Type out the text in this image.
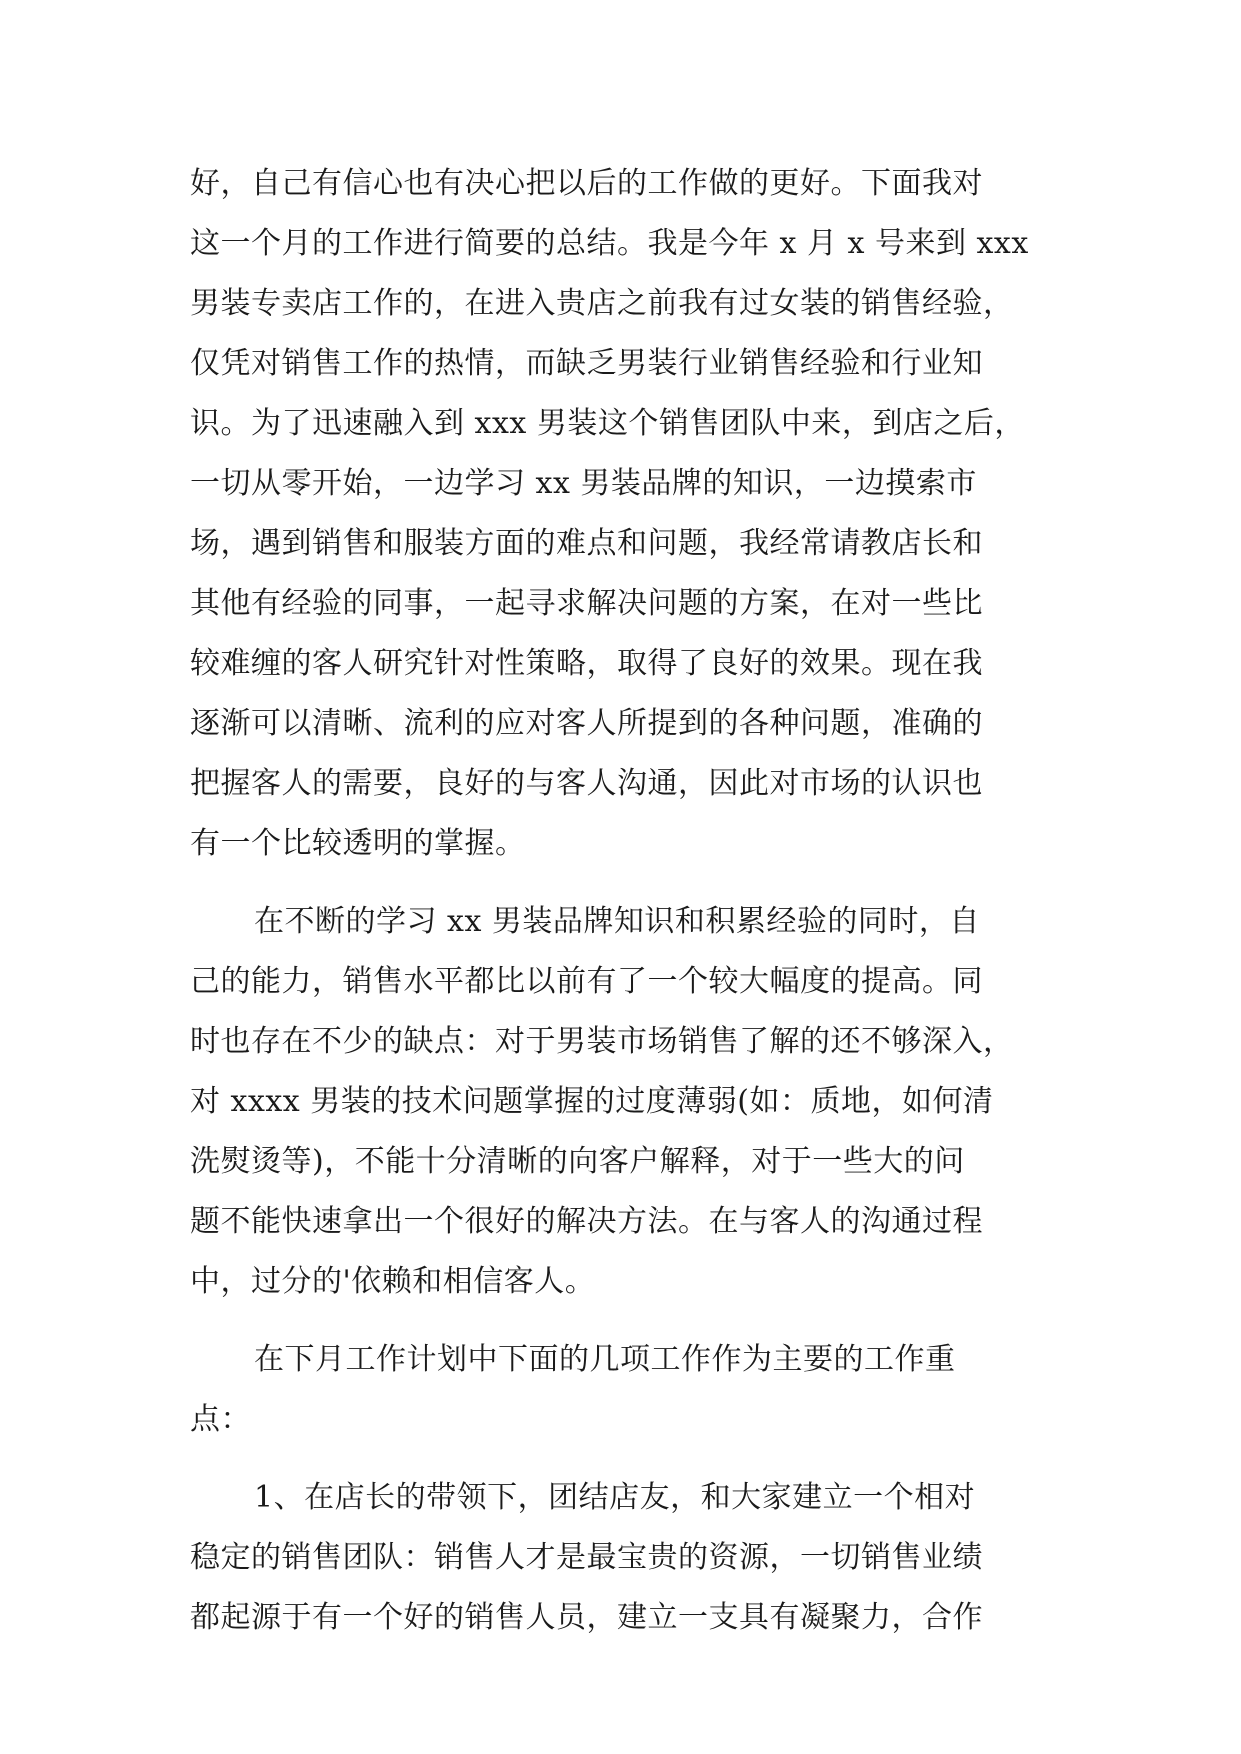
好，自己有信心也有决心把以后的工作做的更好。下面我对
这一个月的工作进行简要的总结。我是今年 x 月 x 号来到 xxx
男装专卖店工作的，在进入贵店之前我有过女装的销售经验，
仅凭对销售工作的热情，而缺乏男装行业销售经验和行业知
识。为了迅速融入到 xxx 男装这个销售团队中来，到店之后，
一切从零开始，一边学习 xx 男装品牌的知识，一边摸索市
场，遇到销售和服装方面的难点和问题，我经常请教店长和
其他有经验的同事，一起寻求解决问题的方案，在对一些比
较难缠的客人研究针对性策略，取得了良好的效果。现在我
逐渐可以清晰、流利的应对客人所提到的各种问题，准确的
把握客人的需要，良好的与客人沟通，因此对市场的认识也
有一个比较透明的掌握。
在不断的学习 xx 男装品牌知识和积累经验的同时，自
己的能力，销售水平都比以前有了一个较大幅度的提高。同
时也存在不少的缺点：对于男装市场销售了解的还不够深入，
对 xxxx 男装的技术问题掌握的过度薄弱(如：质地，如何清
洗熨烫等)，不能十分清晰的向客户解释，对于一些大的问
题不能快速拿出一个很好的解决方法。在与客人的沟通过程
中，过分的'依赖和相信客人。
在下月工作计划中下面的几项工作作为主要的工作重
点：
1、在店长的带领下，团结店友，和大家建立一个相对
稳定的销售团队：销售人才是最宝贵的资源，一切销售业绩
都起源于有一个好的销售人员，建立一支具有凝聚力，合作
